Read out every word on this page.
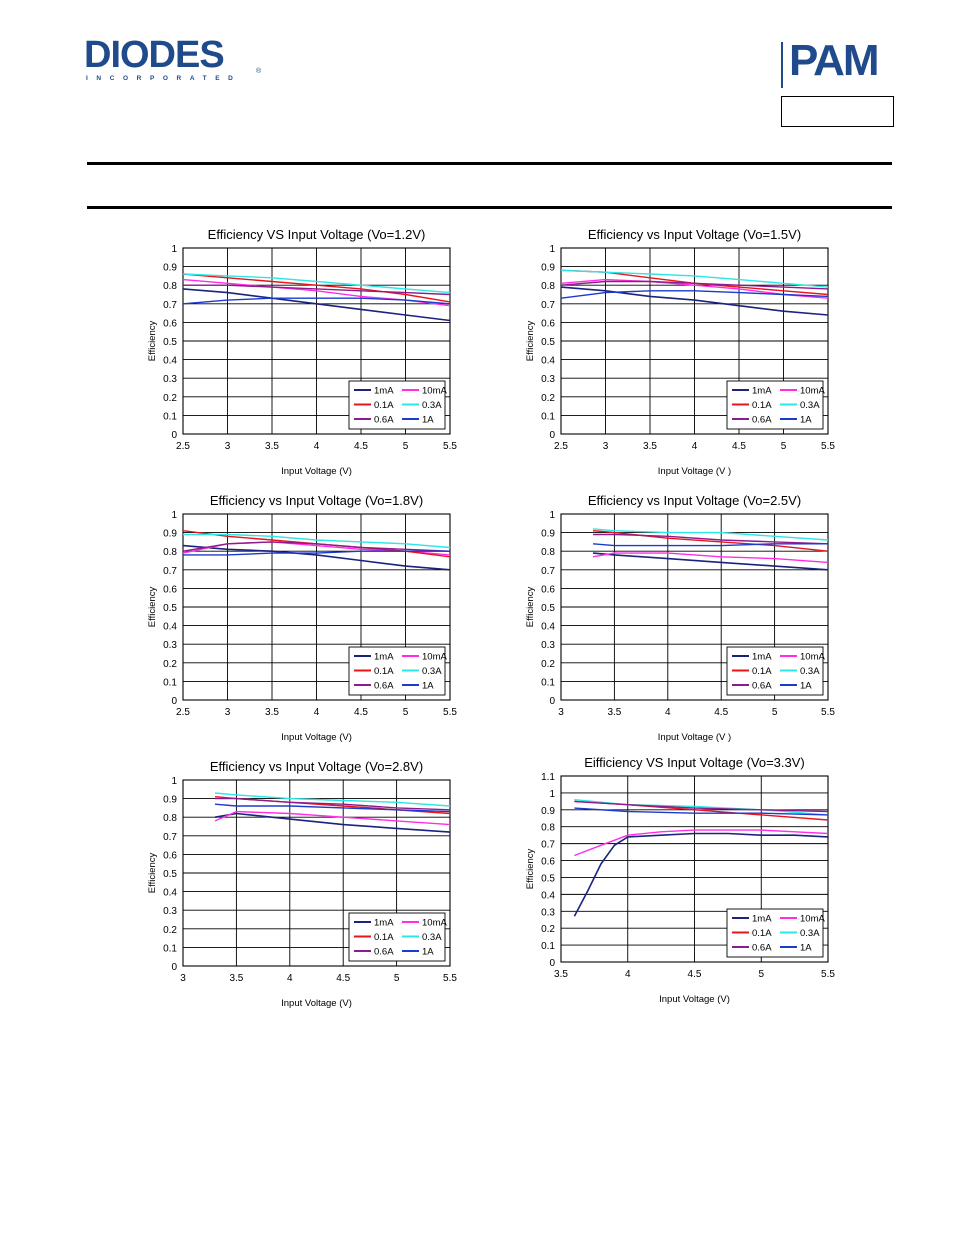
DIODES
INCORPORATED
®	PAM
Efficiency VS Input Voltage (Vo=1.2V)
2.5	3	3.5	4	4.5	5	5.5
0
0.1
0.2
0.3
0.4
0.5
0.6
0.7
0.8
0.9
1
Input Voltage (V)
Efficiency
1mA	10mA
0.1A	0.3A
0.6A	1A
Efficiency vs Input Voltage (Vo=1.5V)
2.5	3	3.5	4	4.5	5	5.5
0
0.1
0.2
0.3
0.4
0.5
0.6
0.7
0.8
0.9
1
Input Voltage (V )
Efficiency
1mA	10mA
0.1A	0.3A
0.6A	1A
Efficiency vs Input Voltage (Vo=1.8V)
2.5	3	3.5	4	4.5	5	5.5
0
0.1
0.2
0.3
0.4
0.5
0.6
0.7
0.8
0.9
1
Input Voltage (V)
Efficiency
1mA	10mA
0.1A	0.3A
0.6A	1A
Efficiency vs Input Voltage (Vo=2.5V)
3	3.5	4	4.5	5	5.5
0
0.1
0.2
0.3
0.4
0.5
0.6
0.7
0.8
0.9
1
Input Voltage (V )
Efficiency
1mA	10mA
0.1A	0.3A
0.6A	1A
Efficiency vs Input Voltage (Vo=2.8V)
3	3.5	4	4.5	5	5.5
0
0.1
0.2
0.3
0.4
0.5
0.6
0.7
0.8
0.9
1
Input Voltage (V)
Efficiency
1mA	10mA
0.1A	0.3A
0.6A	1A
Eifficiency VS Input Voltage (Vo=3.3V)
3.5	4	4.5	5	5.5
0
0.1
0.2
0.3
0.4
0.5
0.6
0.7
0.8
0.9
1
1.1
Input Voltage (V)
Efficiency
1mA	10mA
0.1A	0.3A
0.6A	1A
